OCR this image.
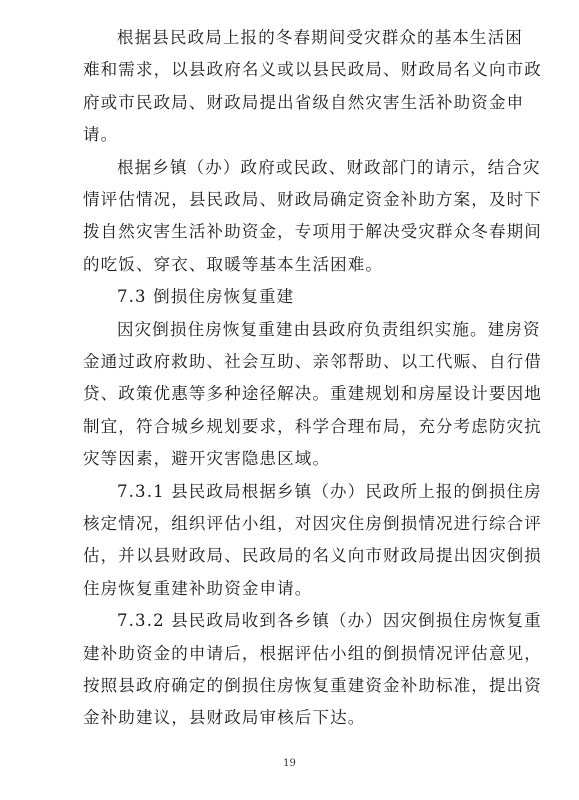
根据县民政局上报的冬春期间受灾群众的基本生活困
难和需求，以县政府名义或以县民政局、财政局名义向市政
府或市民政局、财政局提出省级自然灾害生活补助资金申
请。
根据乡镇（办）政府或民政、财政部门的请示，结合灾
情评估情况，县民政局、财政局确定资金补助方案，及时下
拨自然灾害生活补助资金，专项用于解决受灾群众冬春期间
的吃饭、穿衣、取暖等基本生活困难。
7.3 倒损住房恢复重建
因灾倒损住房恢复重建由县政府负责组织实施。建房资
金通过政府救助、社会互助、亲邻帮助、以工代赈、自行借
贷、政策优惠等多种途径解决。重建规划和房屋设计要因地
制宜，符合城乡规划要求，科学合理布局，充分考虑防灾抗
灾等因素，避开灾害隐患区域。
7.3.1 县民政局根据乡镇（办）民政所上报的倒损住房
核定情况，组织评估小组，对因灾住房倒损情况进行综合评
估，并以县财政局、民政局的名义向市财政局提出因灾倒损
住房恢复重建补助资金申请。
7.3.2 县民政局收到各乡镇（办）因灾倒损住房恢复重
建补助资金的申请后，根据评估小组的倒损情况评估意见，
19
按照县政府确定的倒损住房恢复重建资金补助标准，提出资
金补助建议，县财政局审核后下达。
